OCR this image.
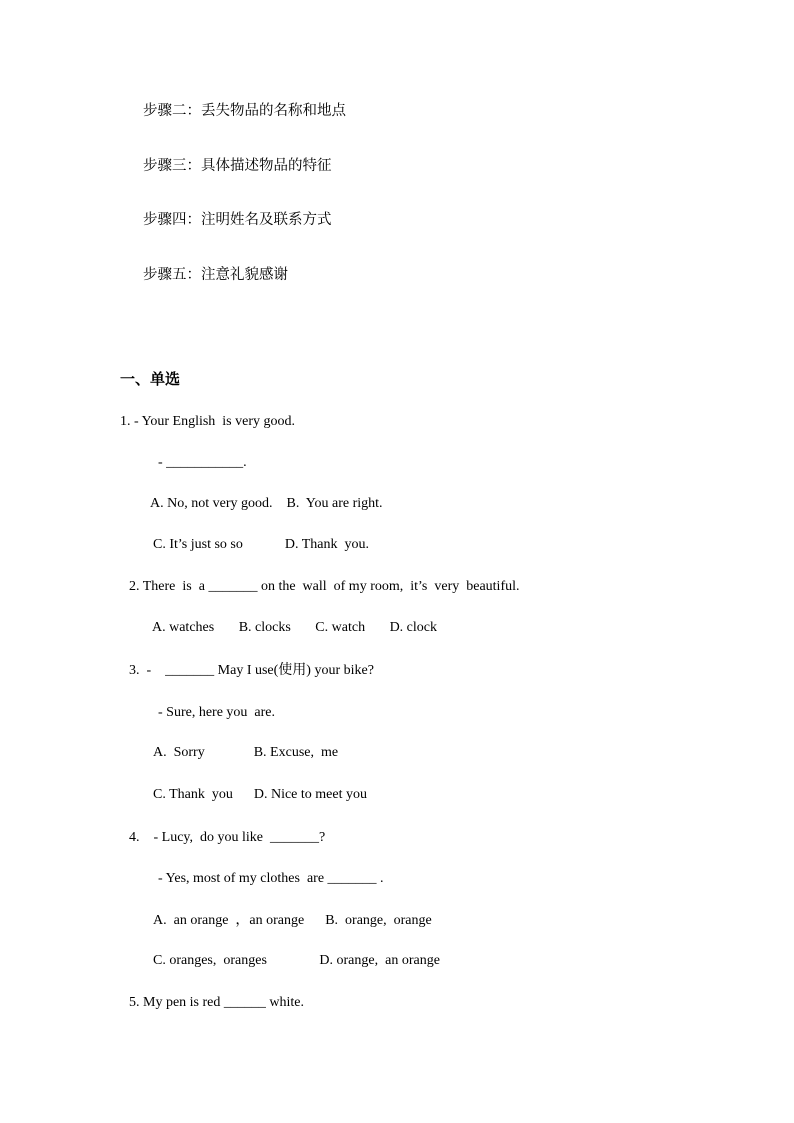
步骤二：丢失物品的名称和地点
步骤三：具体描述物品的特征
步骤四：注明姓名及联系方式
步骤五：注意礼貌感谢
一、单选
1. - Your English  is very good.
- ___________.
A. No, not very good.    B.  You are right.
C. It’s just so so            D. Thank  you.
2. There  is  a _______ on the  wall  of my room,  it’s  very  beautiful.
A. watches       B. clocks       C. watch       D. clock
3.  -    _______ May I use(使用) your bike?
- Sure, here you  are.
A.  Sorry              B. Excuse,  me
C. Thank  you      D. Nice to meet you
4.    - Lucy,  do you like  _______?
- Yes, most of my clothes  are _______ .
A.  an orange  ，an orange      B.  orange,  orange
C. oranges,  oranges               D. orange,  an orange
5. My pen is red ______ white.
